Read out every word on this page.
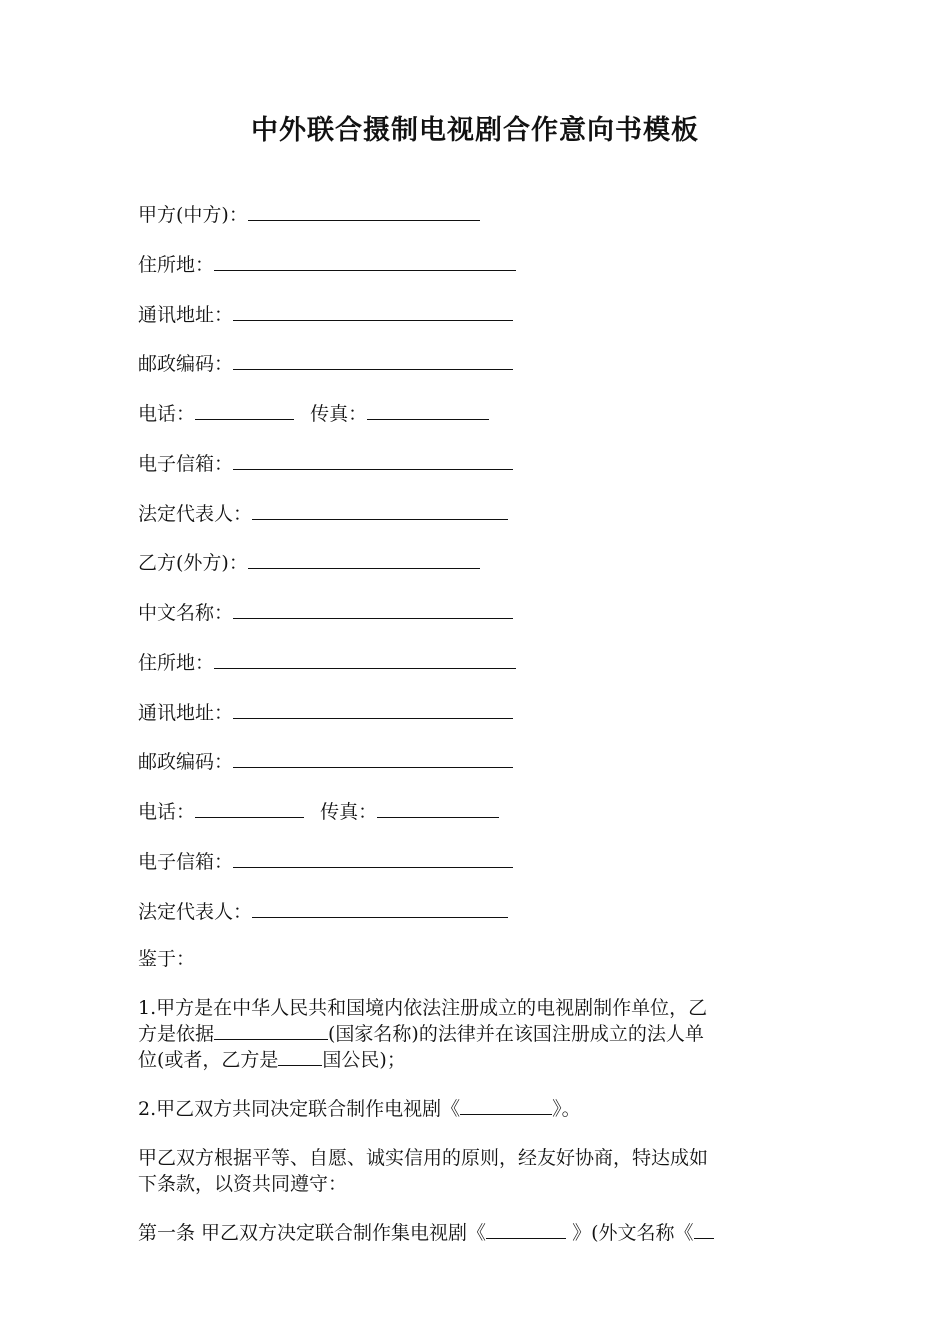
中外联合摄制电视剧合作意向书模板
甲方(中方)：
住所地：
通讯地址：
邮政编码：
电话：	传真：
电子信箱：
法定代表人：
乙方(外方)：
中文名称：
住所地：
通讯地址：
邮政编码：
电话：	传真：
电子信箱：
法定代表人：
鉴于：
1.甲方是在中华人民共和国境内依法注册成立的电视剧制作单位，乙
方是依据	(国家名称)的法律并在该国注册成立的法人单
位(或者，乙方是 国公民)；
2.甲乙双方共同决定联合制作电视剧《	》。
甲乙双方根据平等、自愿、诚实信用的原则，经友好协商，特达成如
下条款，以资共同遵守：
第一条 甲乙双方决定联合制作集电视剧《	》(外文名称《
